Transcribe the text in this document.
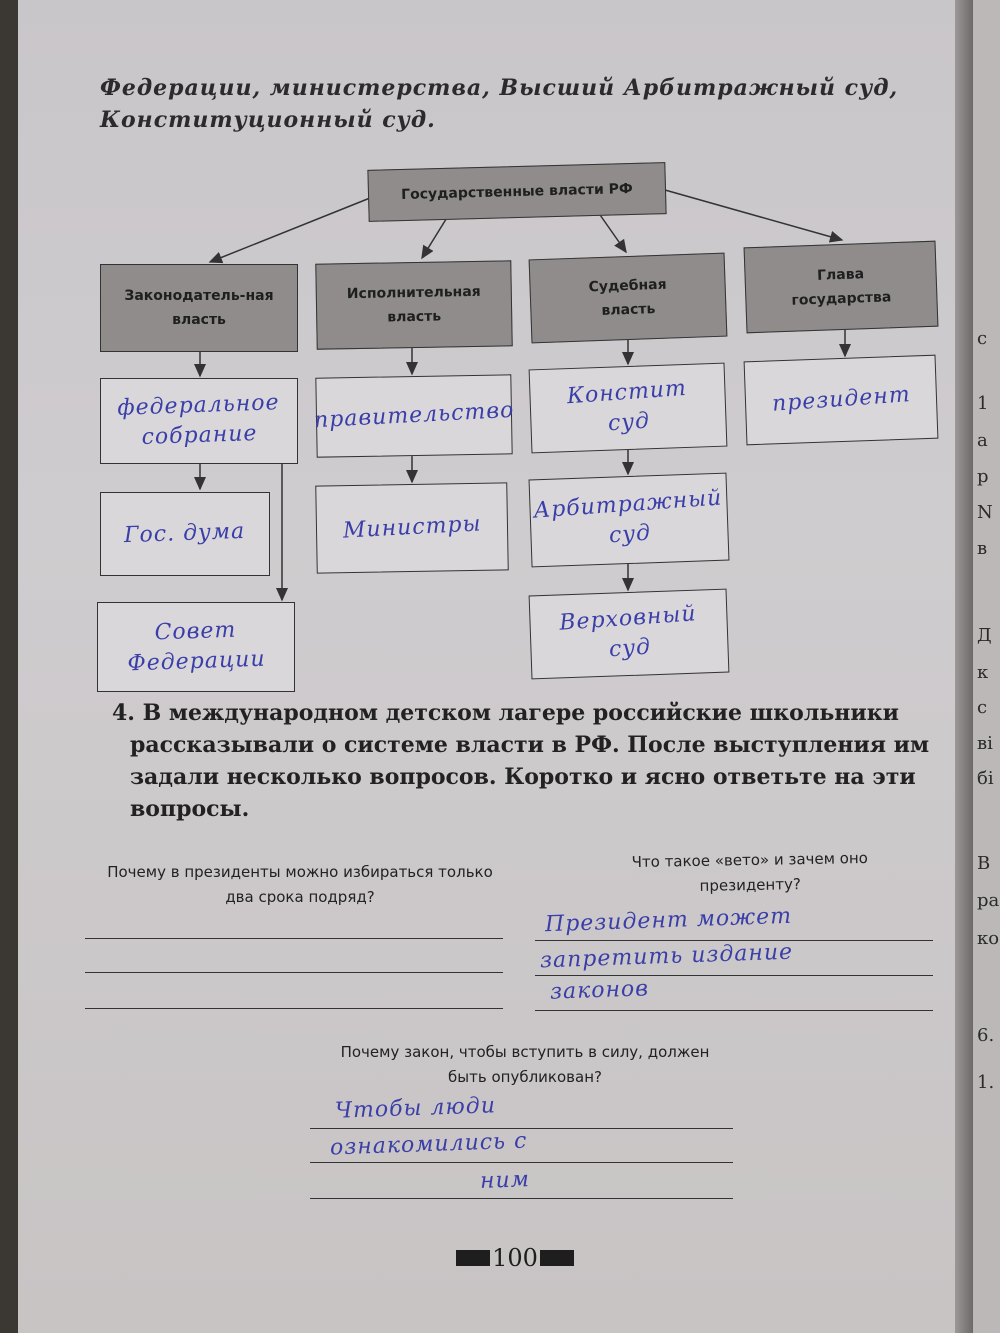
с
1
а
р
N
в
Д
к
с
ві
бі
В
ра
ко
6.
1.
Федерации, министерства, Высший Арбитражный суд, Конституционный суд.
Государственные власти РФ
Законодатель-ная власть
Исполнительная власть
Судебная власть
Глава государства
федеральное собрание
Гос. дума
Совет Федерации
правительство
Министры
Констит суд
Арбитражный суд
Верховный суд
президент
4. В международном детском лагере российские школьники рассказывали о системе власти в РФ. После выступления им задали несколько вопросов. Коротко и ясно ответьте на эти вопросы.
Почему в президенты можно избираться только два срока подряд?
Что такое «вето» и зачем оно президенту?
Президент может
запретить издание
законов
Почему закон, чтобы вступить в силу, должен быть опубликован?
Чтобы люди
ознакомились с
ним
100
